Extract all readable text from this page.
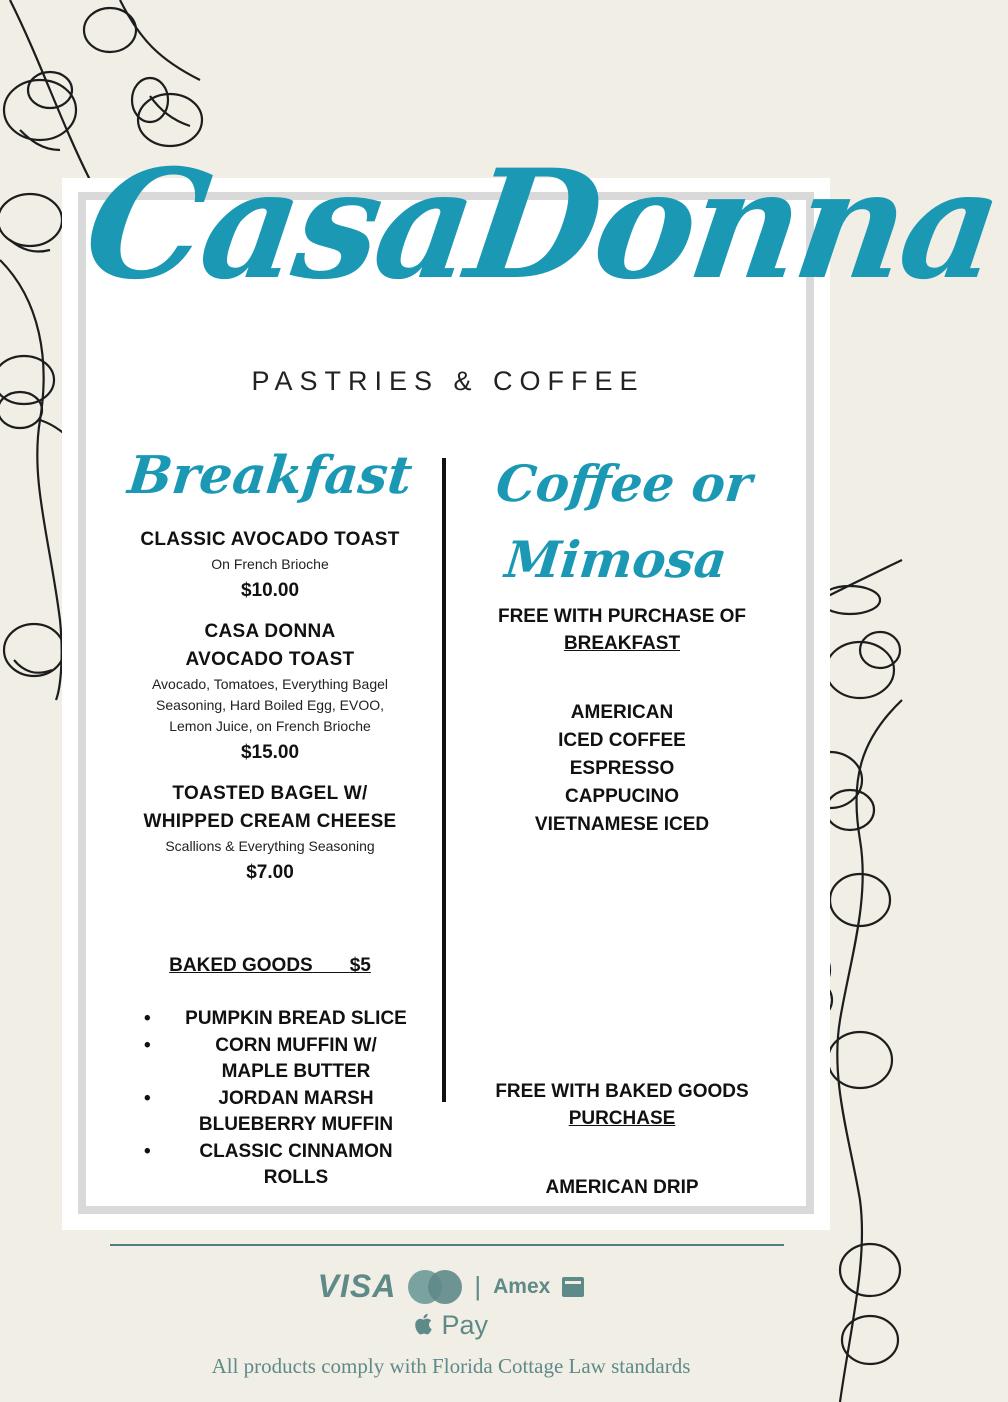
CasaDonna
PASTRIES & COFFEE
Breakfast
CLASSIC AVOCADO TOAST
On French Brioche
$10.00
CASA DONNA
AVOCADO TOAST
Avocado, Tomatoes, Everything Bagel
Seasoning, Hard Boiled Egg, EVOO,
Lemon Juice, on French Brioche
$15.00
TOASTED BAGEL W/
WHIPPED CREAM CHEESE
Scallions & Everything Seasoning
$7.00
BAKED GOODS $5
• PUMPKIN BREAD SLICE
• CORN MUFFIN W/
MAPLE BUTTER
• JORDAN MARSH
BLUEBERRY MUFFIN
• CLASSIC CINNAMON
ROLLS
Coffee or
Mimosa
FREE WITH PURCHASE OF
BREAKFAST
AMERICAN
ICED COFFEE
ESPRESSO
CAPPUCINO
VIETNAMESE ICED
FREE WITH BAKED GOODS
PURCHASE
AMERICAN DRIP
VISA	| Amex
Pay
All products comply with Florida Cottage Law standards
